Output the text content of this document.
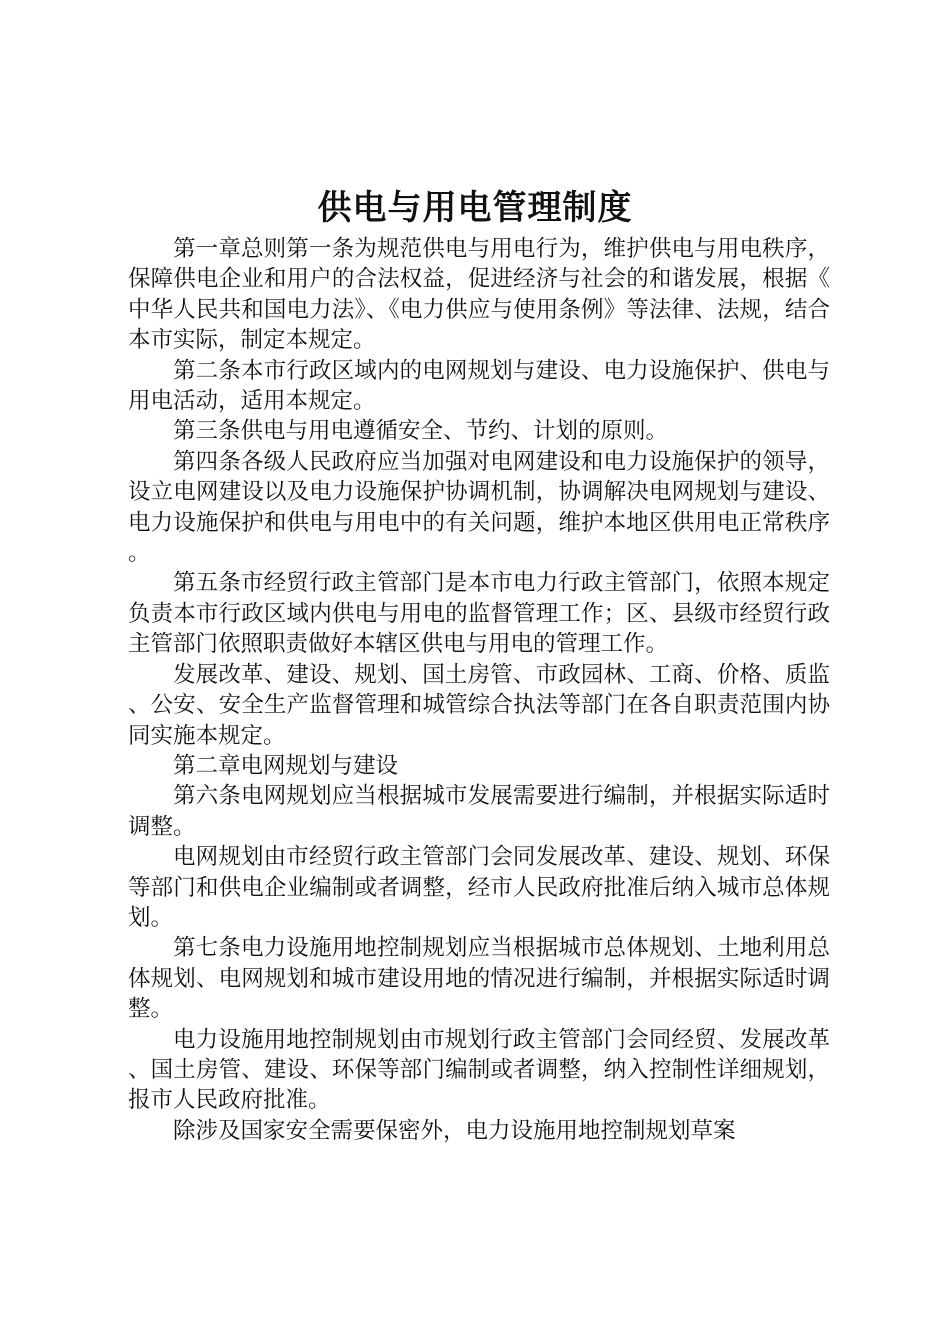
供电与用电管理制度

第一章总则第一条为规范供电与用电行为，维护供电与用电秩序，保障供电企业和用户的合法权益，促进经济与社会的和谐发展，根据《中华人民共和国电力法》、《电力供应与使用条例》等法律、法规，结合本市实际，制定本规定。

第二条本市行政区域内的电网规划与建设、电力设施保护、供电与用电活动，适用本规定。

第三条供电与用电遵循安全、节约、计划的原则。

第四条各级人民政府应当加强对电网建设和电力设施保护的领导，设立电网建设以及电力设施保护协调机制，协调解决电网规划与建设、电力设施保护和供电与用电中的有关问题，维护本地区供用电正常秩序。

第五条市经贸行政主管部门是本市电力行政主管部门，依照本规定负责本市行政区域内供电与用电的监督管理工作；区、县级市经贸行政主管部门依照职责做好本辖区供电与用电的管理工作。

发展改革、建设、规划、国土房管、市政园林、工商、价格、质监、公安、安全生产监督管理和城管综合执法等部门在各自职责范围内协同实施本规定。

第二章电网规划与建设

第六条电网规划应当根据城市发展需要进行编制，并根据实际适时调整。

电网规划由市经贸行政主管部门会同发展改革、建设、规划、环保等部门和供电企业编制或者调整，经市人民政府批准后纳入城市总体规划。

第七条电力设施用地控制规划应当根据城市总体规划、土地利用总体规划、电网规划和城市建设用地的情况进行编制，并根据实际适时调整。

电力设施用地控制规划由市规划行政主管部门会同经贸、发展改革、国土房管、建设、环保等部门编制或者调整，纳入控制性详细规划，报市人民政府批准。

除涉及国家安全需要保密外，电力设施用地控制规划草案
